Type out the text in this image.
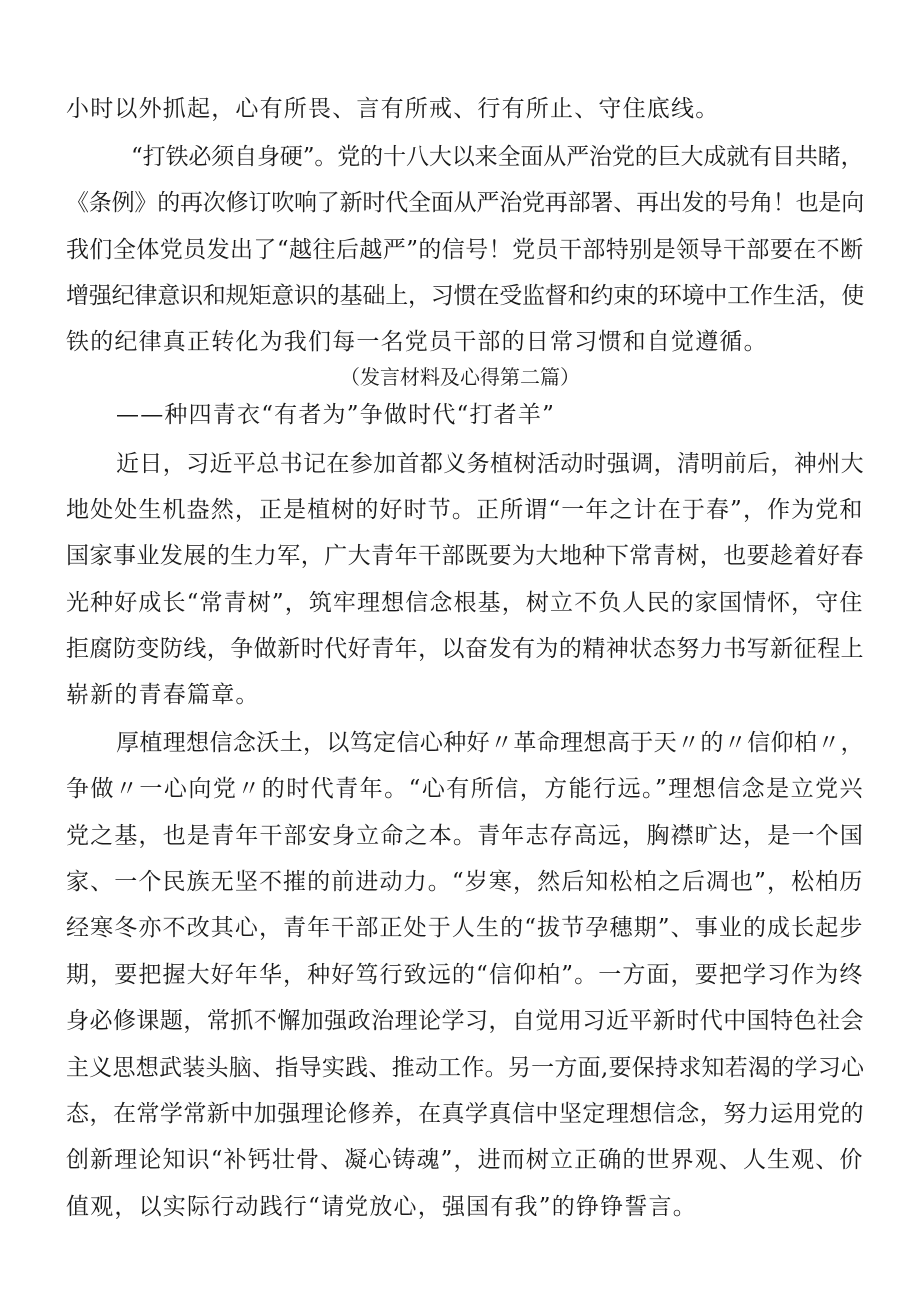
小时以外抓起，心有所畏、言有所戒、行有所止、守住底线。
“打铁必须自身硬”。党的十八大以来全面从严治党的巨大成就有目共睹，
《条例》的再次修订吹响了新时代全面从严治党再部署、再出发的号角！也是向
我们全体党员发出了“越往后越严”的信号！党员干部特别是领导干部要在不断
增强纪律意识和规矩意识的基础上，习惯在受监督和约束的环境中工作生活，使
铁的纪律真正转化为我们每一名党员干部的日常习惯和自觉遵循。
（发言材料及心得第二篇）
——种四青衣“有者为”争做时代“打者羊”
近日，习近平总书记在参加首都义务植树活动时强调，清明前后，神州大
地处处生机盎然，正是植树的好时节。正所谓“一年之计在于春”，作为党和
国家事业发展的生力军，广大青年干部既要为大地种下常青树，也要趁着好春
光种好成长“常青树”，筑牢理想信念根基，树立不负人民的家国情怀，守住
拒腐防变防线，争做新时代好青年，以奋发有为的精神状态努力书写新征程上
崭新的青春篇章。
厚植理想信念沃土，以笃定信心种好〃革命理想高于天〃的〃信仰柏〃，
争做〃一心向党〃的时代青年。“心有所信，方能行远。”理想信念是立党兴
党之基，也是青年干部安身立命之本。青年志存高远，胸襟旷达，是一个国
家、一个民族无坚不摧的前进动力。“岁寒，然后知松柏之后凋也”，松柏历
经寒冬亦不改其心，青年干部正处于人生的“拔节孕穗期”、事业的成长起步
期，要把握大好年华，种好笃行致远的“信仰柏”。一方面，要把学习作为终
身必修课题，常抓不懈加强政治理论学习，自觉用习近平新时代中国特色社会
主义思想武装头脑、指导实践、推动工作。另一方面,要保持求知若渴的学习心
态，在常学常新中加强理论修养，在真学真信中坚定理想信念，努力运用党的
创新理论知识“补钙壮骨、凝心铸魂”，进而树立正确的世界观、人生观、价
值观，以实际行动践行“请党放心，强国有我”的铮铮誓言。
